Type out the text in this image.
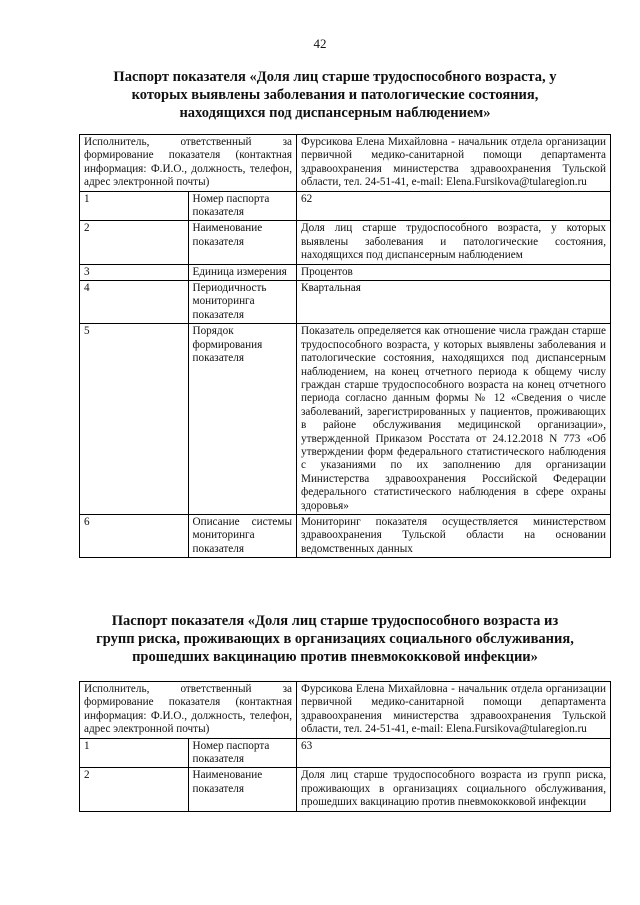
42
Паспорт показателя «Доля лиц старше трудоспособного возраста, у
которых выявлены заболевания и патологические состояния,
находящихся под диспансерным наблюдением»
Исполнитель, ответственный за формирование показателя (контактная информация: Ф.И.О., должность, телефон, адрес электронной почты)		Фурсикова Елена Михайловна - начальник отдела организации первичной медико-санитарной помощи департамента здравоохранения министерства здравоохранения Тульской области, тел. 24-51-41, e-mail: Elena.Fursikova@tularegion.ru
1	Номер паспорта показателя	62
2	Наименование показателя	Доля лиц старше трудоспособного возраста, у которых выявлены заболевания и патологические состояния, находящихся под диспансерным наблюдением
3	Единица измерения	Процентов
4	Периодичность мониторинга показателя	Квартальная
5	Порядок формирования показателя	Показатель определяется как отношение числа граждан старше трудоспособного возраста, у которых выявлены заболевания и патологические состояния, находящихся под диспансерным наблюдением, на конец отчетного периода к общему числу граждан старше трудоспособного возраста на конец отчетного периода согласно данным формы № 12 «Сведения о числе заболеваний, зарегистрированных у пациентов, проживающих в районе обслуживания медицинской организации», утвержденной Приказом Росстата от 24.12.2018 N 773 «Об утверждении форм федерального статистического наблюдения с указаниями по их заполнению для организации Министерства здравоохранения Российской Федерации федерального статистического наблюдения в сфере охраны здоровья»
6	Описание системы мониторинга показателя	Мониторинг показателя осуществляется министерством здравоохранения Тульской области на основании ведомственных данных
Паспорт показателя «Доля лиц старше трудоспособного возраста из
групп риска, проживающих в организациях социального обслуживания,
прошедших вакцинацию против пневмококковой инфекции»
Исполнитель, ответственный за формирование показателя (контактная информация: Ф.И.О., должность, телефон, адрес электронной почты)		Фурсикова Елена Михайловна - начальник отдела организации первичной медико-санитарной помощи департамента здравоохранения министерства здравоохранения Тульской области, тел. 24-51-41, e-mail: Elena.Fursikova@tularegion.ru
1	Номер паспорта показателя	63
2	Наименование показателя	Доля лиц старше трудоспособного возраста из групп риска, проживающих в организациях социального обслуживания, прошедших вакцинацию против пневмококковой инфекции
